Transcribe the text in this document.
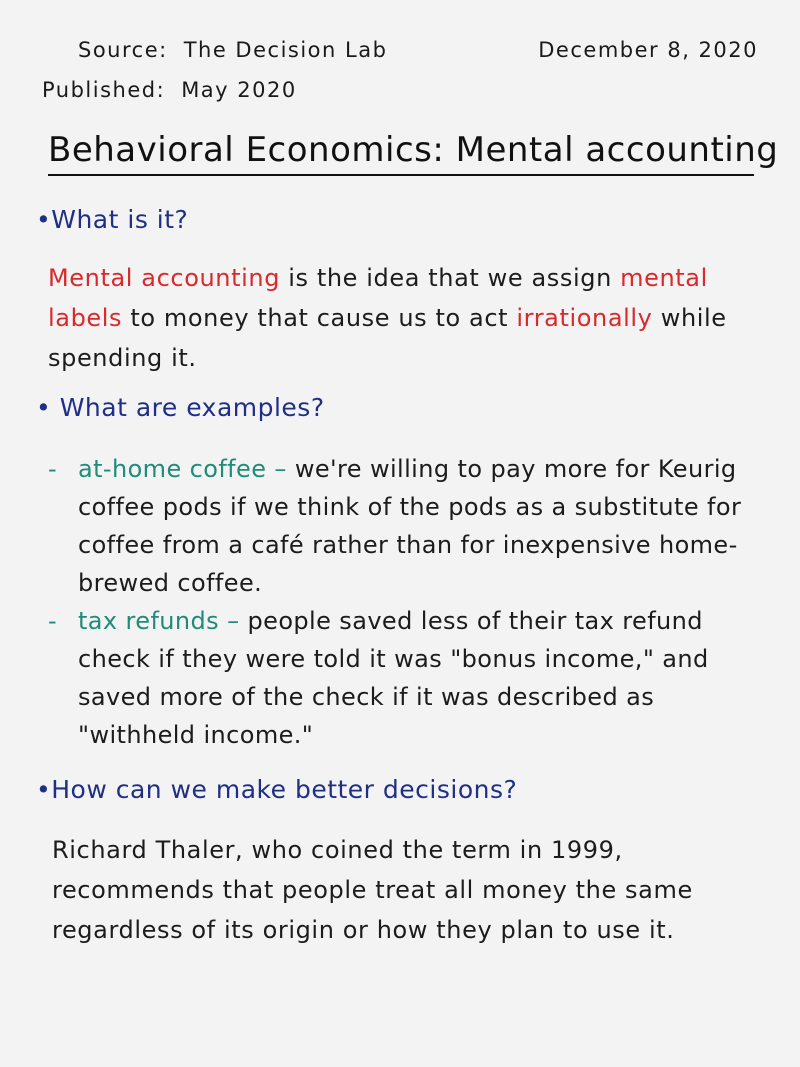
Source: The Decision Lab	December 8, 2020
Published: May 2020
Behavioral Economics: Mental accounting
•What is it?
Mental accounting is the idea that we assign mental labels to money that cause us to act irrationally while spending it.
• What are examples?
- at-home coffee – we're willing to pay more for Keurig coffee pods if we think of the pods as a substitute for coffee from a café rather than for inexpensive home-brewed coffee.
- tax refunds – people saved less of their tax refund check if they were told it was "bonus income," and saved more of the check if it was described as "withheld income."
•How can we make better decisions?
Richard Thaler, who coined the term in 1999, recommends that people treat all money the same regardless of its origin or how they plan to use it.
